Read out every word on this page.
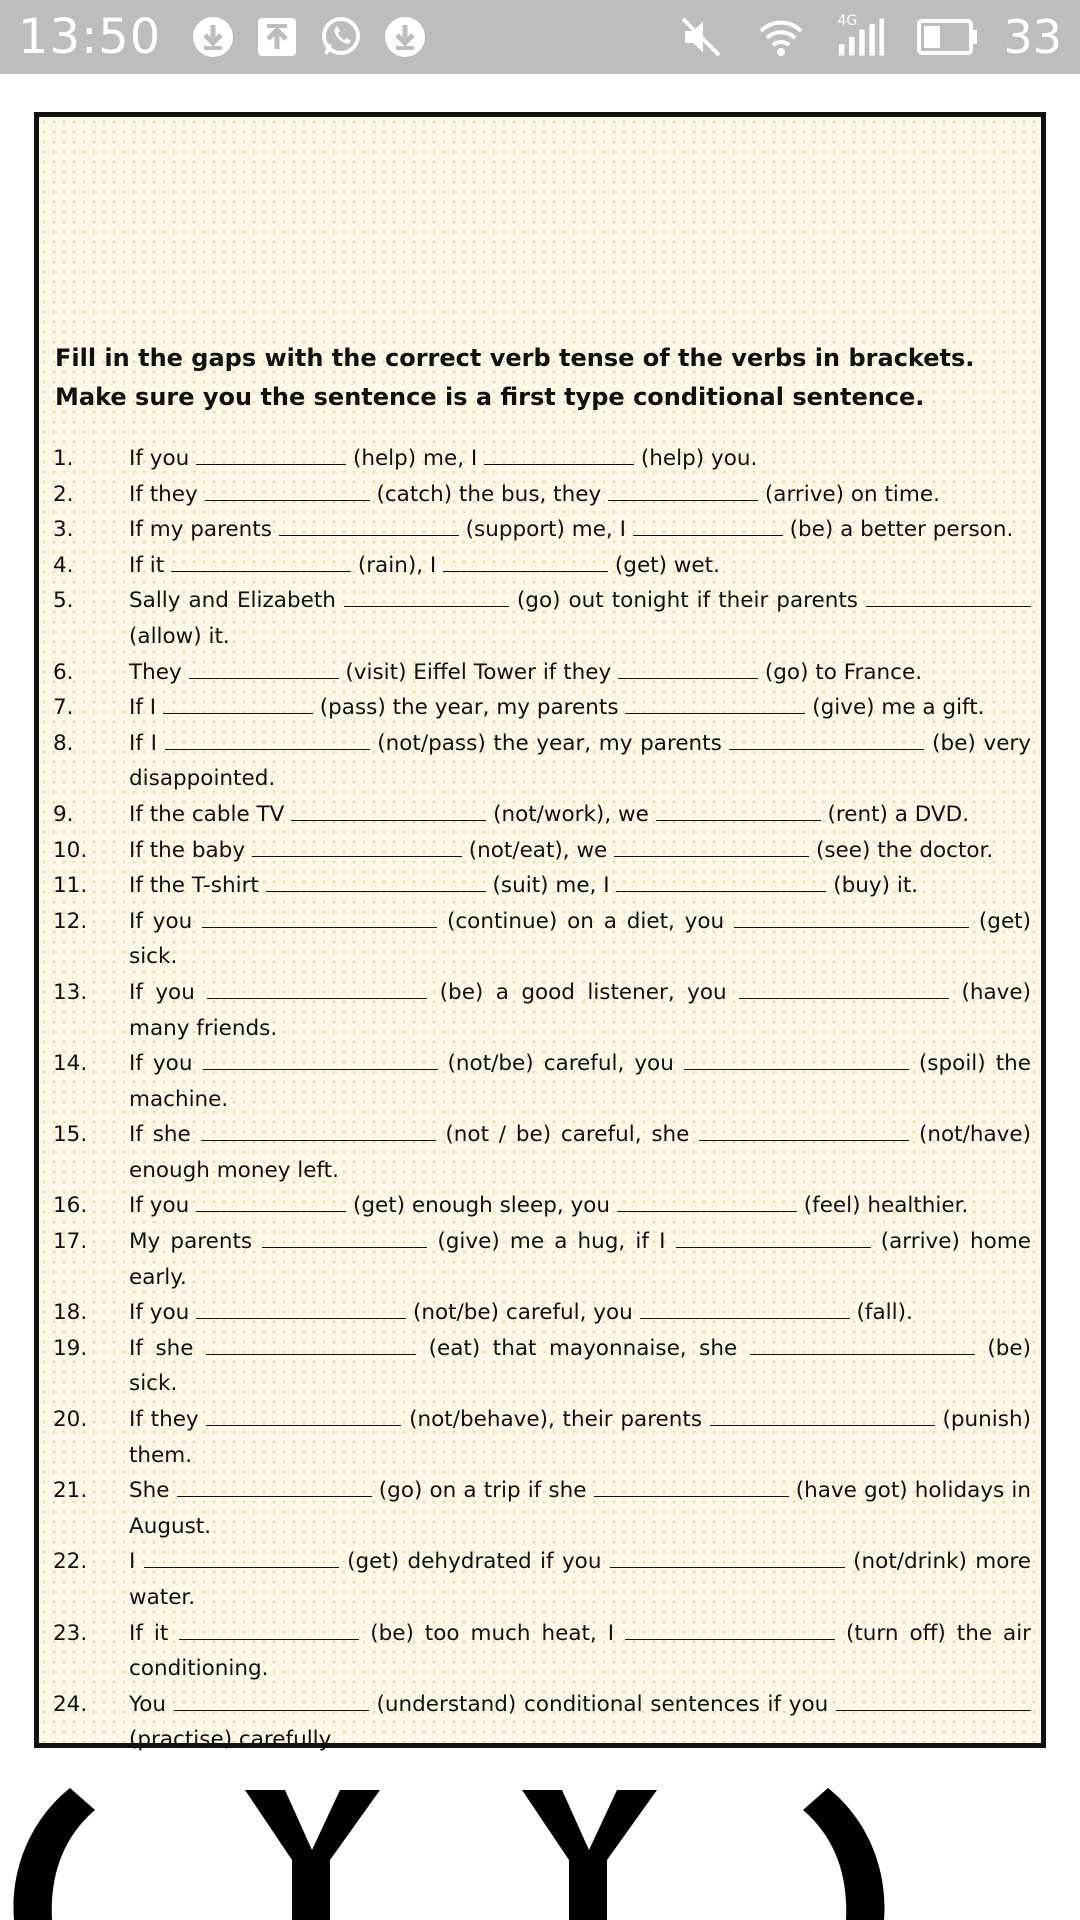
13:50	4G	33
Fill in the gaps with the correct verb tense of the verbs in brackets. Make sure you the sentence is a first type conditional sentence.
1.	If you	(help) me, I	(help) you.
2.	If they	(catch) the bus, they	(arrive) on time.
3.	If my parents	(support) me, I	(be) a better person.
4.	If it	(rain), I	(get) wet.
5.	Sally and Elizabeth	(go) out tonight if their parents  (allow) it.
6.	They	(visit) Eiffel Tower if they	(go) to France.
7.	If I	(pass) the year, my parents	(give) me a gift.
8.	If I	(not/pass) the year, my parents	(be) very disappointed.
9.	If the cable TV	(not/work), we	(rent) a DVD.
10.	If the baby	(not/eat), we	(see) the doctor.
11.	If the T-shirt	(suit) me, I	(buy) it.
12.	If you	(continue) on a diet, you	(get) sick.
13.	If you	(be) a good listener, you	(have) many friends.
14.	If you	(not/be) careful, you	(spoil) the machine.
15.	If she	(not / be) careful, she	(not/have) enough money left.
16.	If you	(get) enough sleep, you	(feel) healthier.
17.	My parents	(give) me a hug, if I	(arrive) home early.
18.	If you	(not/be) careful, you	(fall).
19.	If she	(eat) that mayonnaise, she	(be) sick.
20.	If they	(not/behave), their parents	(punish) them.
21.	She	(go) on a trip if she	(have got) holidays in August.
22.	I	(get) dehydrated if you	(not/drink) more water.
23.	If it	(be) too much heat, I	(turn off) the air conditioning.
24.	You	(understand) conditional sentences if you  (practise) carefully.
